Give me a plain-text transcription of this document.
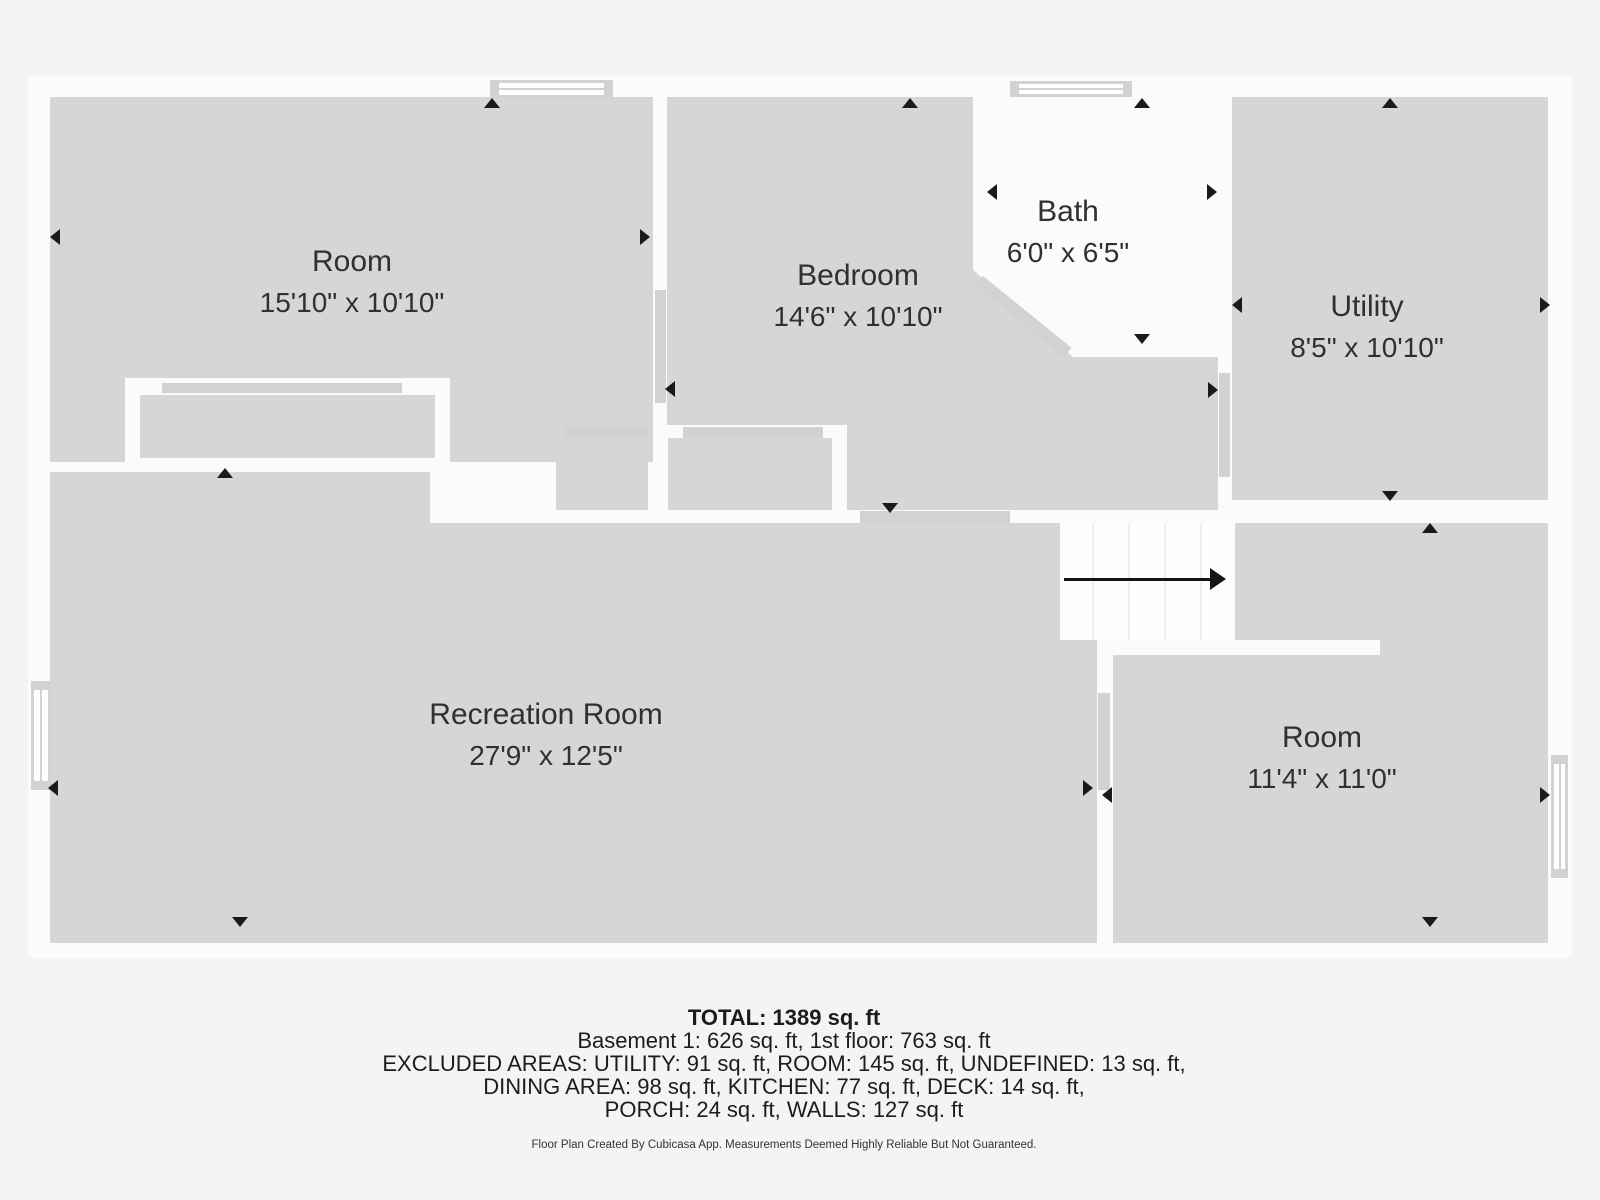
Room
15'10" x 10'10"
Bedroom
14'6" x 10'10"
Bath
6'0" x 6'5"
Utility
8'5" x 10'10"
Recreation Room
27'9" x 12'5"
Room
11'4" x 11'0"
TOTAL: 1389 sq. ft
Basement 1: 626 sq. ft, 1st floor: 763 sq. ft
EXCLUDED AREAS: UTILITY: 91 sq. ft, ROOM: 145 sq. ft, UNDEFINED: 13 sq. ft,
DINING AREA: 98 sq. ft, KITCHEN: 77 sq. ft, DECK: 14 sq. ft,
PORCH: 24 sq. ft, WALLS: 127 sq. ft
Floor Plan Created By Cubicasa App. Measurements Deemed Highly Reliable But Not Guaranteed.
